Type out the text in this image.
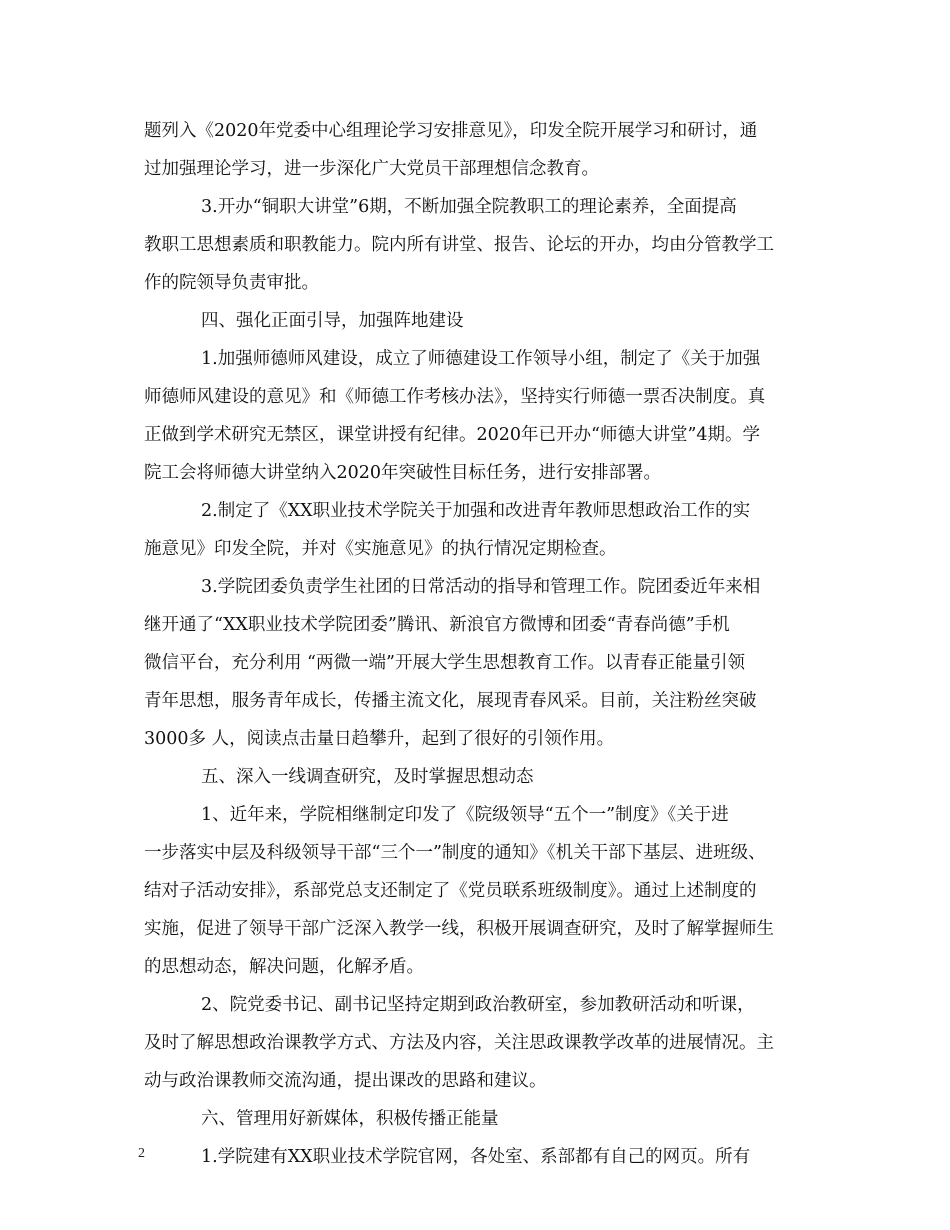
题列入《2020年党委中心组理论学习安排意见》，印发全院开展学习和研讨，通
过加强理论学习，进一步深化广大党员干部理想信念教育。
3.开办“铜职大讲堂”6期，不断加强全院教职工的理论素养，全面提高
教职工思想素质和职教能力。院内所有讲堂、报告、论坛的开办，均由分管教学工
作的院领导负责审批。
四、强化正面引导，加强阵地建设
1.加强师德师风建设，成立了师德建设工作领导小组，制定了《关于加强
师德师风建设的意见》和《师德工作考核办法》，坚持实行师德一票否决制度。真
正做到学术研究无禁区，课堂讲授有纪律。2020年已开办“师德大讲堂”4期。学
院工会将师德大讲堂纳入2020年突破性目标任务，进行安排部署。
2.制定了《XX职业技术学院关于加强和改进青年教师思想政治工作的实
施意见》印发全院，并对《实施意见》的执行情况定期检查。
3.学院团委负责学生社团的日常活动的指导和管理工作。院团委近年来相
继开通了“XX职业技术学院团委”腾讯、新浪官方微博和团委“青春尚德”手机
微信平台，充分利用 “两微一端”开展大学生思想教育工作。以青春正能量引领
青年思想，服务青年成长，传播主流文化，展现青春风采。目前，关注粉丝突破
3000多 人，阅读点击量日趋攀升，起到了很好的引领作用。
五、深入一线调查研究，及时掌握思想动态
1、近年来，学院相继制定印发了《院级领导“五个一”制度》《关于进
一步落实中层及科级领导干部“三个一”制度的通知》《机关干部下基层、进班级、
结对子活动安排》，系部党总支还制定了《党员联系班级制度》。通过上述制度的
实施，促进了领导干部广泛深入教学一线，积极开展调查研究，及时了解掌握师生
的思想动态，解决问题，化解矛盾。
2、院党委书记、副书记坚持定期到政治教研室，参加教研活动和听课，
及时了解思想政治课教学方式、方法及内容，关注思政课教学改革的进展情况。主
动与政治课教师交流沟通，提出课改的思路和建议。
六、管理用好新媒体，积极传播正能量
1.学院建有XX职业技术学院官网，各处室、系部都有自己的网页。所有
2
